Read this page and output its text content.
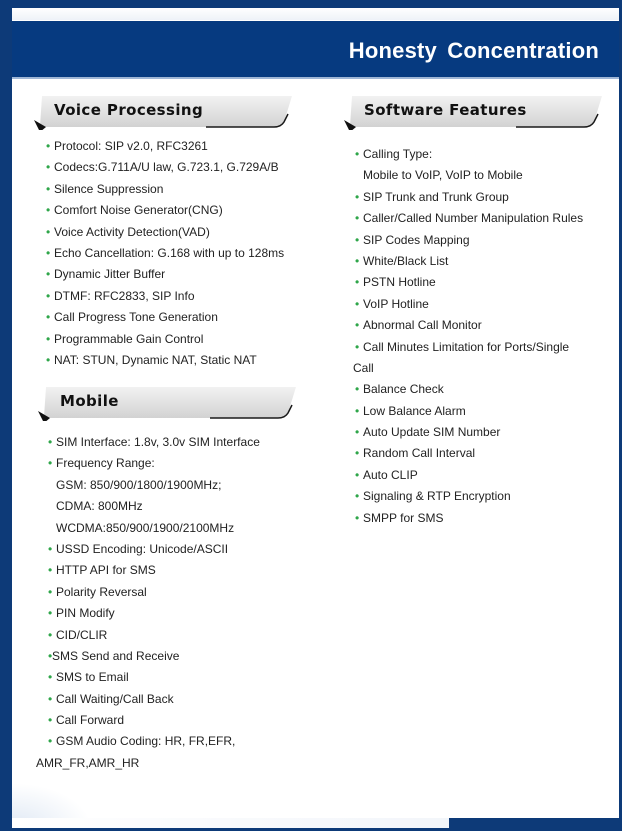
Honesty Concentration
Voice Processing
• Protocol: SIP v2.0, RFC3261
• Codecs:G.711A/U law, G.723.1, G.729A/B
• Silence Suppression
• Comfort Noise Generator(CNG)
• Voice Activity Detection(VAD)
• Echo Cancellation: G.168 with up to 128ms
• Dynamic Jitter Buffer
• DTMF: RFC2833, SIP Info
• Call Progress Tone Generation
• Programmable Gain Control
• NAT: STUN, Dynamic NAT, Static NAT
Mobile
• SIM Interface: 1.8v, 3.0v SIM Interface
• Frequency Range:
GSM: 850/900/1800/1900MHz;
CDMA: 800MHz
WCDMA:850/900/1900/2100MHz
• USSD Encoding: Unicode/ASCII
• HTTP API for SMS
• Polarity Reversal
• PIN Modify
• CID/CLIR
•SMS Send and Receive
• SMS to Email
• Call Waiting/Call Back
• Call Forward
• GSM Audio Coding: HR, FR,EFR,
AMR_FR,AMR_HR
Software Features
• Calling Type:
Mobile to VoIP, VoIP to Mobile
• SIP Trunk and Trunk Group
• Caller/Called Number Manipulation Rules
• SIP Codes Mapping
• White/Black List
• PSTN Hotline
• VoIP Hotline
• Abnormal Call Monitor
• Call Minutes Limitation for Ports/Single
Call
• Balance Check
• Low Balance Alarm
• Auto Update SIM Number
• Random Call Interval
• Auto CLIP
• Signaling & RTP Encryption
• SMPP for SMS
